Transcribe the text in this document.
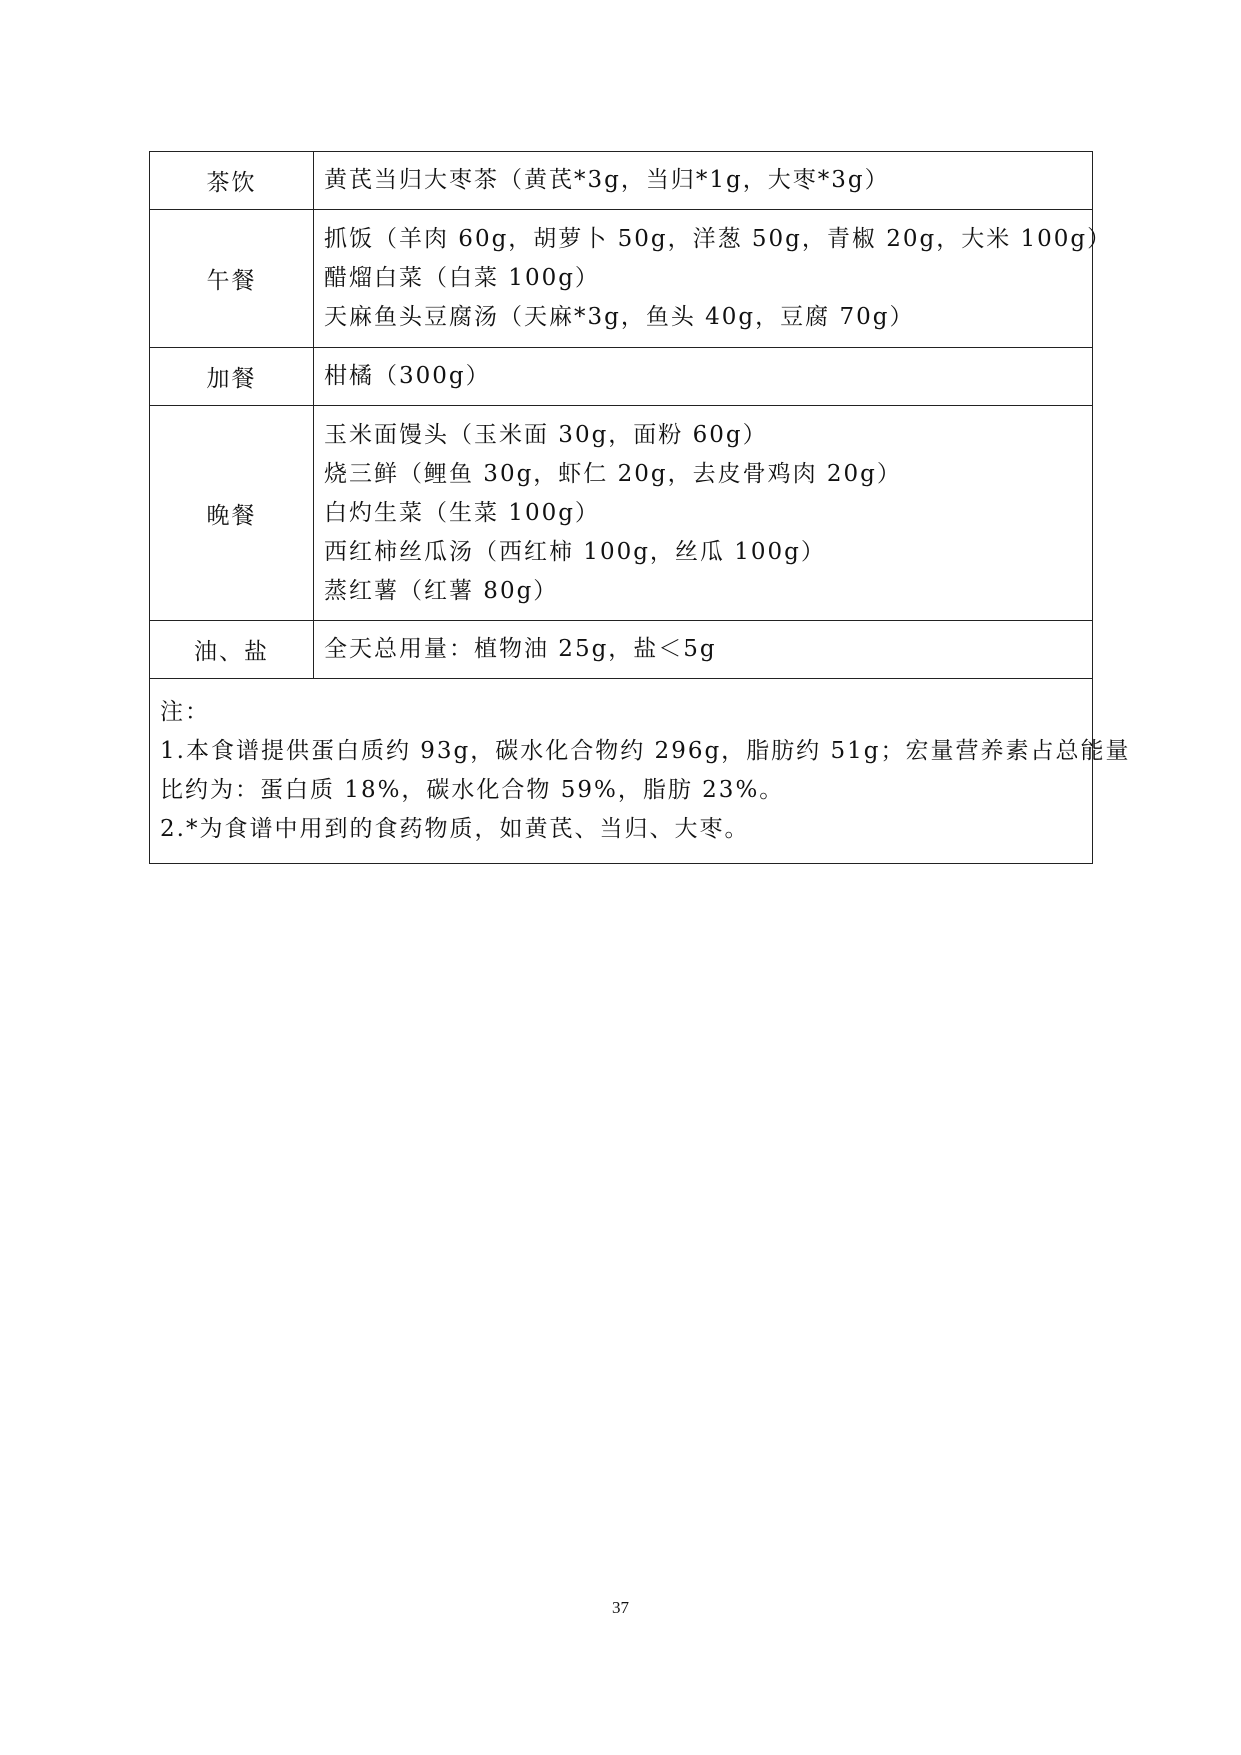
茶饮	黄芪当归大枣茶（黄芪*3g，当归*1g，大枣*3g）

午餐	抓饭（羊肉 60g，胡萝卜 50g，洋葱 50g，青椒 20g，大米 100g）
醋熘白菜（白菜 100g）
天麻鱼头豆腐汤（天麻*3g，鱼头 40g，豆腐 70g）

加餐	柑橘（300g）

晚餐	玉米面馒头（玉米面 30g，面粉 60g）
烧三鲜（鲤鱼 30g，虾仁 20g，去皮骨鸡肉 20g）
白灼生菜（生菜 100g）
西红柿丝瓜汤（西红柿 100g，丝瓜 100g）
蒸红薯（红薯 80g）

油、盐	全天总用量：植物油 25g，盐＜5g

注：
1.本食谱提供蛋白质约 93g，碳水化合物约 296g，脂肪约 51g；宏量营养素占总能量
比约为：蛋白质 18%，碳水化合物 59%，脂肪 23%。
2.*为食谱中用到的食药物质，如黄芪、当归、大枣。	
37
